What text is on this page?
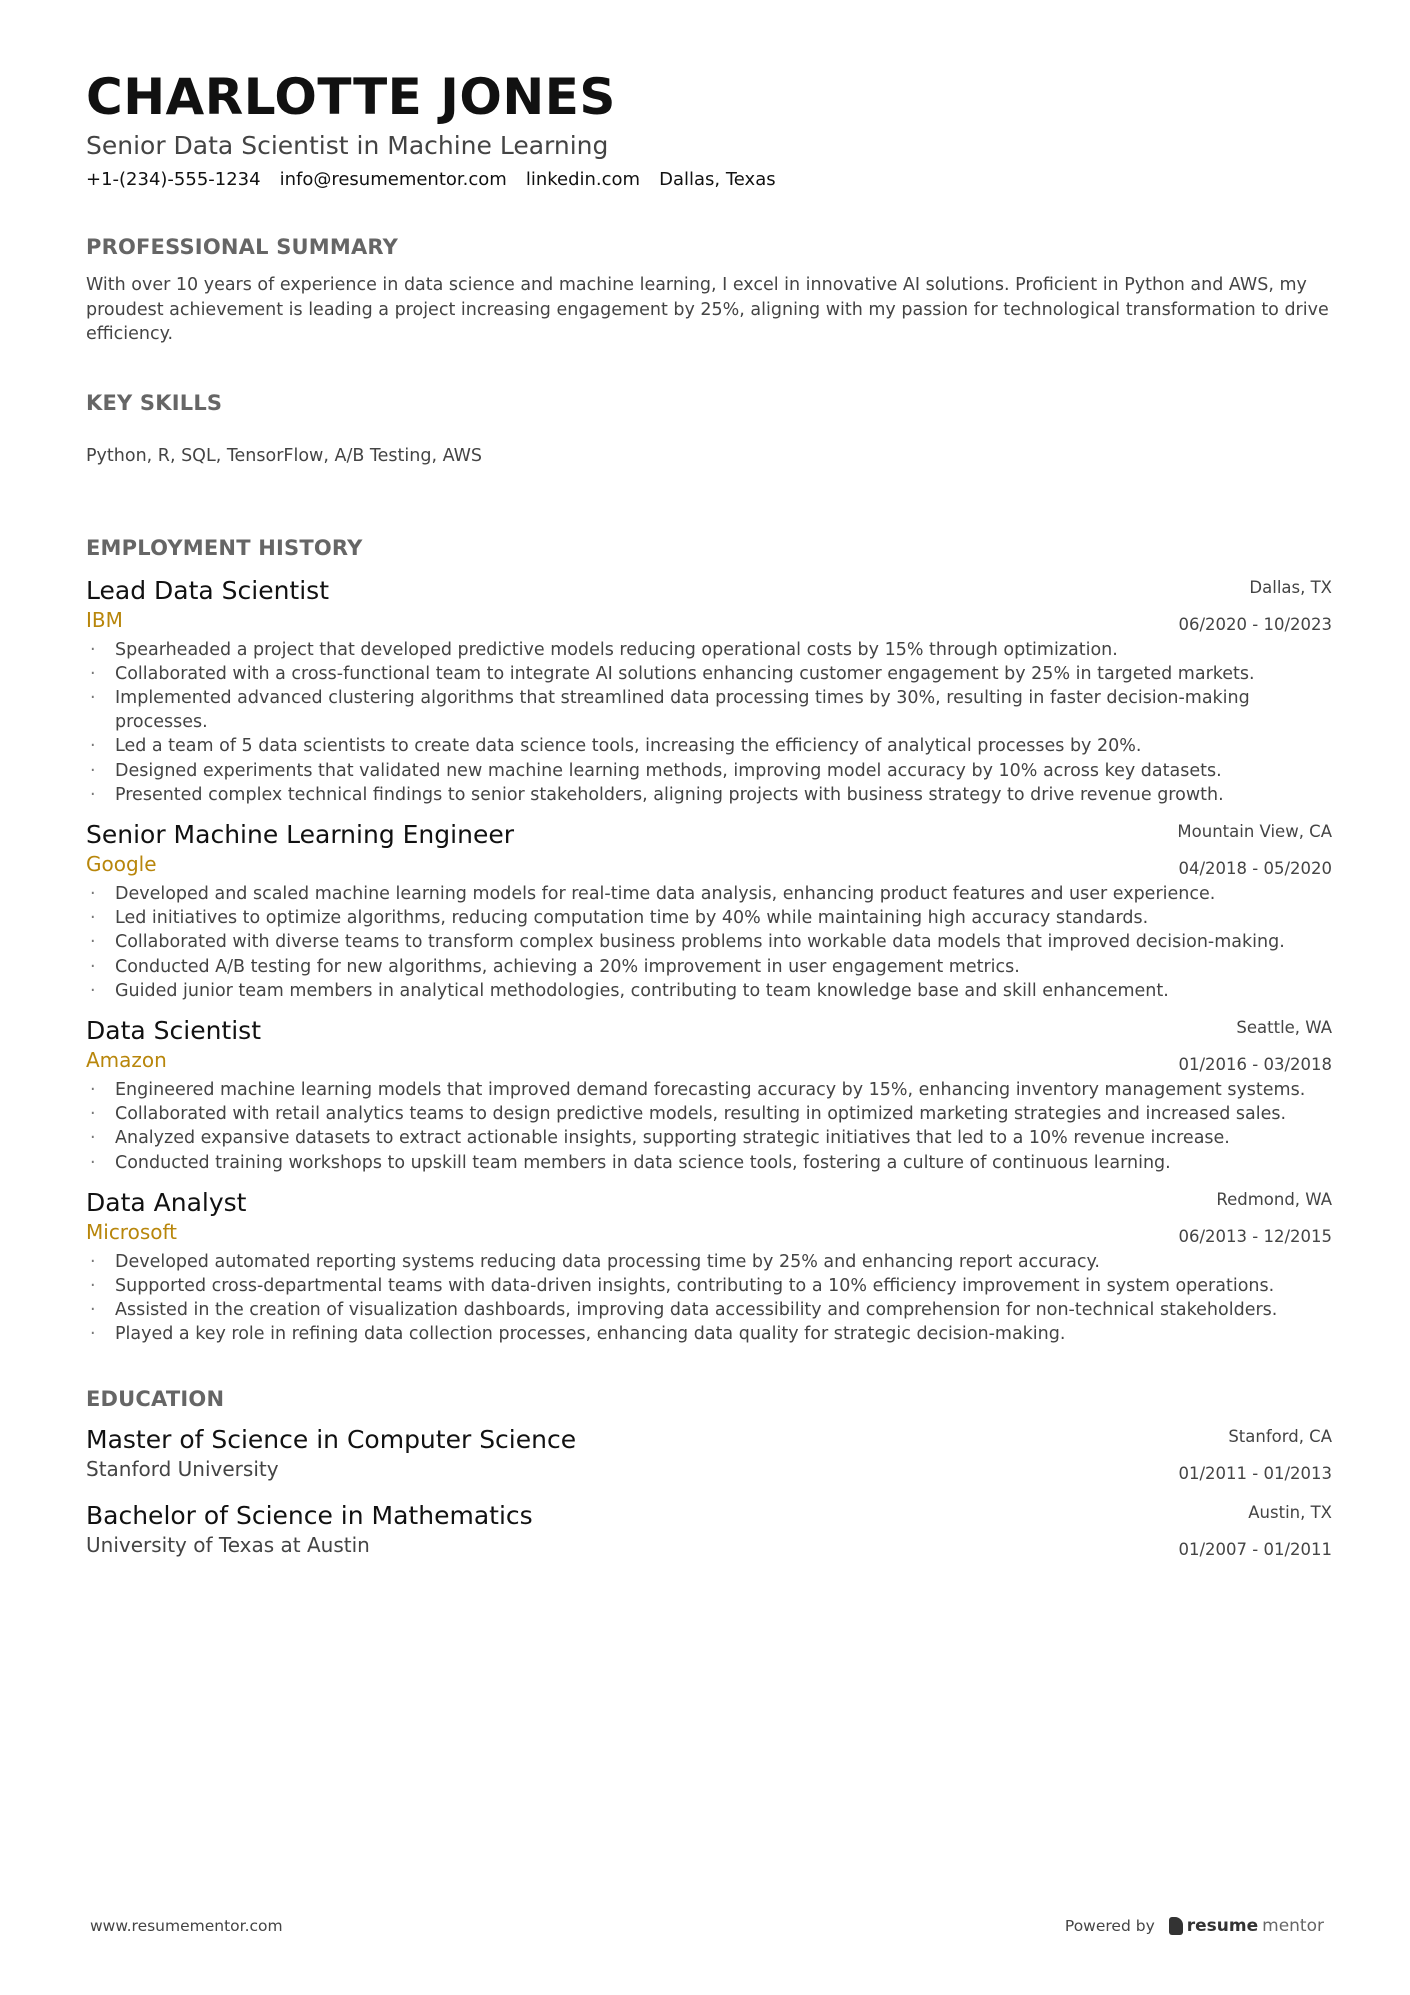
CHARLOTTE JONES
Senior Data Scientist in Machine Learning
+1-(234)-555-1234 info@resumementor.com linkedin.com Dallas, Texas
PROFESSIONAL SUMMARY
With over 10 years of experience in data science and machine learning, I excel in innovative AI solutions. Proficient in Python and AWS, my proudest achievement is leading a project increasing engagement by 25%, aligning with my passion for technological transformation to drive efficiency.
KEY SKILLS
Python, R, SQL, TensorFlow, A/B Testing, AWS
EMPLOYMENT HISTORY
Lead Data Scientist	Dallas, TX
IBM	06/2020 - 10/2023
· Spearheaded a project that developed predictive models reducing operational costs by 15% through optimization.
· Collaborated with a cross-functional team to integrate AI solutions enhancing customer engagement by 25% in targeted markets.
· Implemented advanced clustering algorithms that streamlined data processing times by 30%, resulting in faster decision-making processes.
· Led a team of 5 data scientists to create data science tools, increasing the efficiency of analytical processes by 20%.
· Designed experiments that validated new machine learning methods, improving model accuracy by 10% across key datasets.
· Presented complex technical findings to senior stakeholders, aligning projects with business strategy to drive revenue growth.
Senior Machine Learning Engineer	Mountain View, CA
Google	04/2018 - 05/2020
· Developed and scaled machine learning models for real-time data analysis, enhancing product features and user experience.
· Led initiatives to optimize algorithms, reducing computation time by 40% while maintaining high accuracy standards.
· Collaborated with diverse teams to transform complex business problems into workable data models that improved decision-making.
· Conducted A/B testing for new algorithms, achieving a 20% improvement in user engagement metrics.
· Guided junior team members in analytical methodologies, contributing to team knowledge base and skill enhancement.
Data Scientist	Seattle, WA
Amazon	01/2016 - 03/2018
· Engineered machine learning models that improved demand forecasting accuracy by 15%, enhancing inventory management systems.
· Collaborated with retail analytics teams to design predictive models, resulting in optimized marketing strategies and increased sales.
· Analyzed expansive datasets to extract actionable insights, supporting strategic initiatives that led to a 10% revenue increase.
· Conducted training workshops to upskill team members in data science tools, fostering a culture of continuous learning.
Data Analyst	Redmond, WA
Microsoft	06/2013 - 12/2015
· Developed automated reporting systems reducing data processing time by 25% and enhancing report accuracy.
· Supported cross-departmental teams with data-driven insights, contributing to a 10% efficiency improvement in system operations.
· Assisted in the creation of visualization dashboards, improving data accessibility and comprehension for non-technical stakeholders.
· Played a key role in refining data collection processes, enhancing data quality for strategic decision-making.
EDUCATION
Master of Science in Computer Science	Stanford, CA
Stanford University	01/2011 - 01/2013
Bachelor of Science in Mathematics	Austin, TX
University of Texas at Austin	01/2007 - 01/2011
www.resumementor.com	Powered by resume mentor
